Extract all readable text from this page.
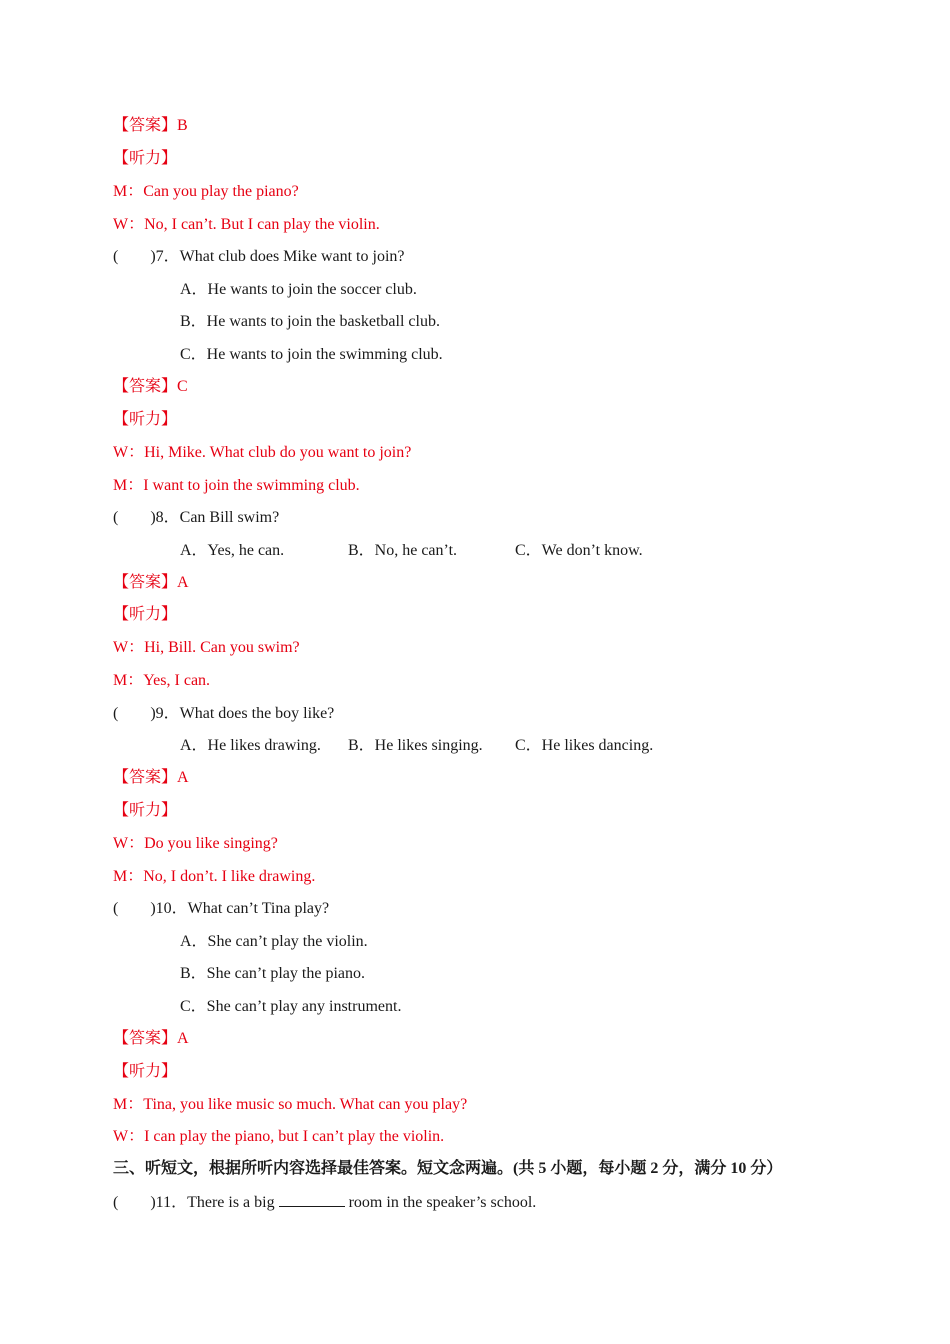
【答案】B
【听力】
M：Can you play the piano?
W：No, I can’t. But I can play the violin.
(        )7．What club does Mike want to join?
A．He wants to join the soccer club.
B．He wants to join the basketball club.
C．He wants to join the swimming club.
【答案】C
【听力】
W：Hi, Mike. What club do you want to join?
M：I want to join the swimming club.
(        )8．Can Bill swim?
A．Yes, he can.	B．No, he can’t.	C．We don’t know.
【答案】A
【听力】
W：Hi, Bill. Can you swim?
M：Yes, I can.
(        )9．What does the boy like?
A．He likes drawing. B．He likes singing. C．He likes dancing.
【答案】A
【听力】
W：Do you like singing?
M：No, I don’t. I like drawing.
(        )10．What can’t Tina play?
A．She can’t play the violin.
B．She can’t play the piano.
C．She can’t play any instrument.
【答案】A
【听力】
M：Tina, you like music so much. What can you play?
W：I can play the piano, but I can’t play the violin.
三、听短文，根据所听内容选择最佳答案。短文念两遍。(共 5 小题，每小题 2 分，满分 10 分）
(        )11．There is a big	room in the speaker’s school.
